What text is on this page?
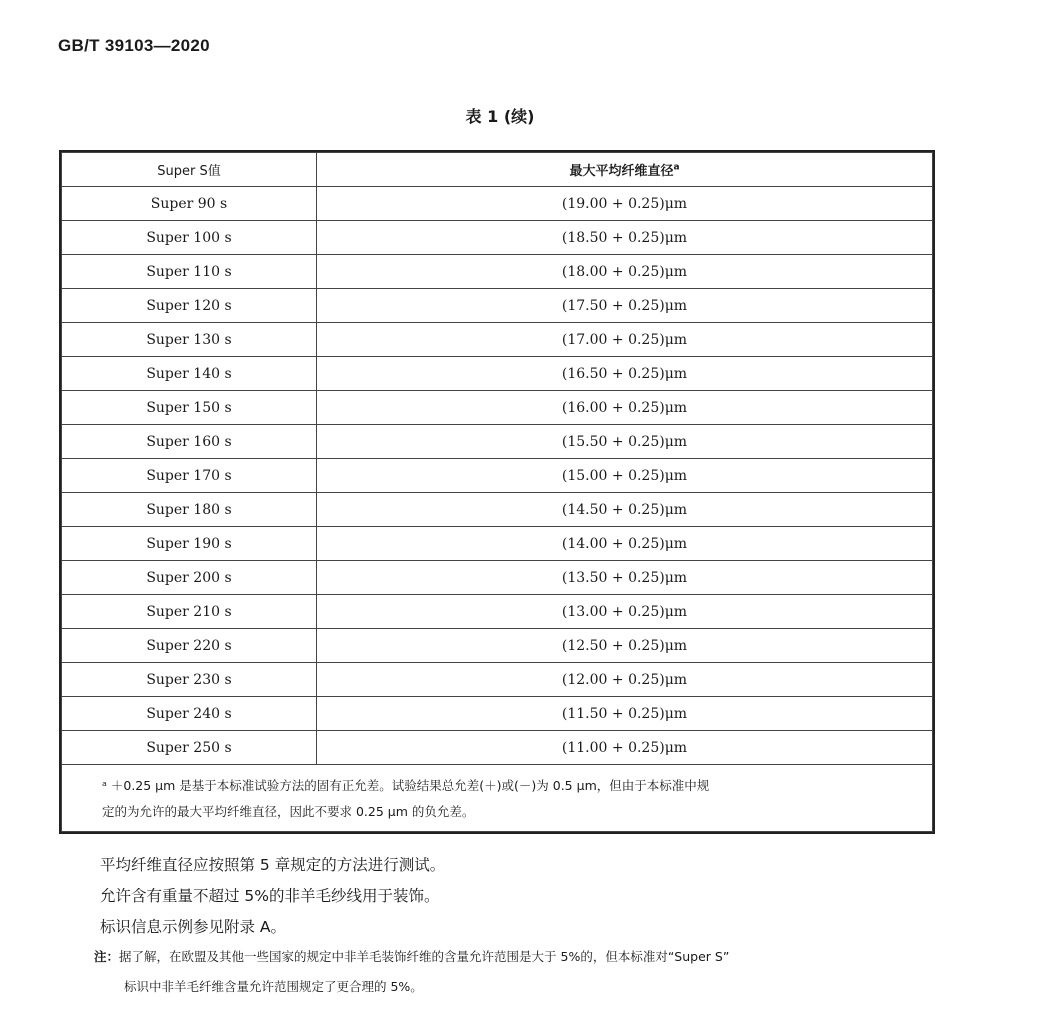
GB/T 39103—2020
表 1 (续)
Super S值	最大平均纤维直径$^a$
Super 90 s	(19.00 + 0.25)μm
Super 100 s	(18.50 + 0.25)μm
Super 110 s	(18.00 + 0.25)μm
Super 120 s	(17.50 + 0.25)μm
Super 130 s	(17.00 + 0.25)μm
Super 140 s	(16.50 + 0.25)μm
Super 150 s	(16.00 + 0.25)μm
Super 160 s	(15.50 + 0.25)μm
Super 170 s	(15.00 + 0.25)μm
Super 180 s	(14.50 + 0.25)μm
Super 190 s	(14.00 + 0.25)μm
Super 200 s	(13.50 + 0.25)μm
Super 210 s	(13.00 + 0.25)μm
Super 220 s	(12.50 + 0.25)μm
Super 230 s	(12.00 + 0.25)μm
Super 240 s	(11.50 + 0.25)μm
Super 250 s	(11.00 + 0.25)μm

ᵃ ＋0.25 μm 是基于本标准试验方法的固有正允差。试验结果总允差(＋)或(－)为 0.5 μm，但由于本标准中规
定的为允许的最大平均纤维直径，因此不要求 0.25 μm 的负允差。	
平均纤维直径应按照第 5 章规定的方法进行测试。
允许含有重量不超过 5%的非羊毛纱线用于装饰。
标识信息示例参见附录 A。
注：据了解，在欧盟及其他一些国家的规定中非羊毛装饰纤维的含量允许范围是大于 5%的，但本标准对“Super S”
标识中非羊毛纤维含量允许范围规定了更合理的 5%。
